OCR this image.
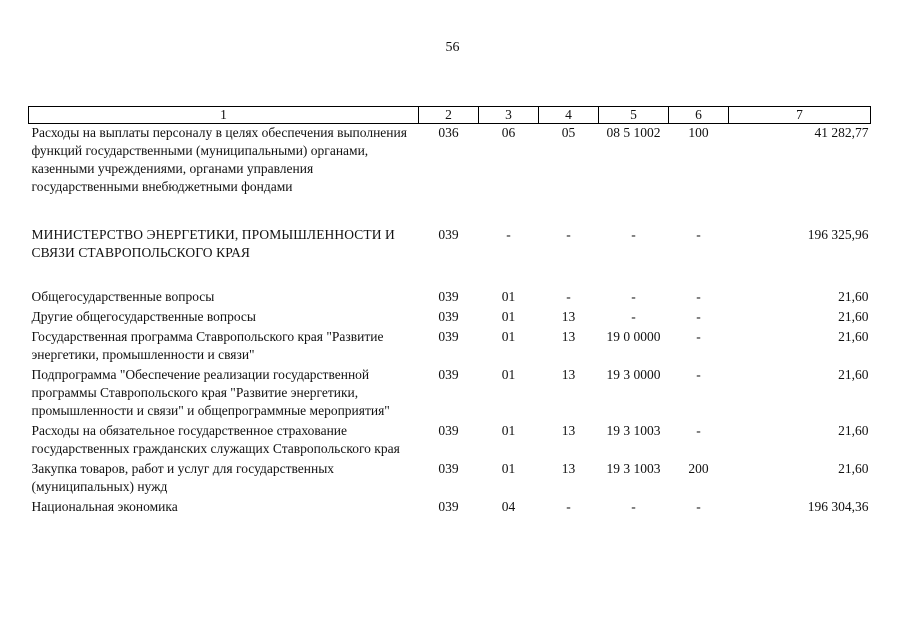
56
1	2	3	4	5	6	7
Расходы на выплаты персоналу в целях обеспечения выполнения функций государственными (муниципальными) органами, казенными учреждениями, органами управления государственными внебюджетными фондами	036	06	05	08 5 1002	100	41 282,77
МИНИСТЕРСТВО ЭНЕРГЕТИКИ, ПРОМЫШЛЕННОСТИ И СВЯЗИ СТАВРОПОЛЬСКОГО КРАЯ	039	-	-	-	-	196 325,96
Общегосударственные вопросы	039	01	-	-	-	21,60
Другие общегосударственные вопросы	039	01	13	-	-	21,60
Государственная программа Ставропольского края "Развитие энергетики, промышленности и связи"	039	01	13	19 0 0000	-	21,60
Подпрограмма "Обеспечение реализации государственной программы Ставропольского края "Развитие энергетики, промышленности и связи" и общепрограммные мероприятия"	039	01	13	19 3 0000	-	21,60
Расходы на обязательное государственное страхование государственных гражданских служащих Ставропольского края	039	01	13	19 3 1003	-	21,60
Закупка товаров, работ и услуг для государственных (муниципальных) нужд	039	01	13	19 3 1003	200	21,60
Национальная экономика	039	04	-	-	-	196 304,36
